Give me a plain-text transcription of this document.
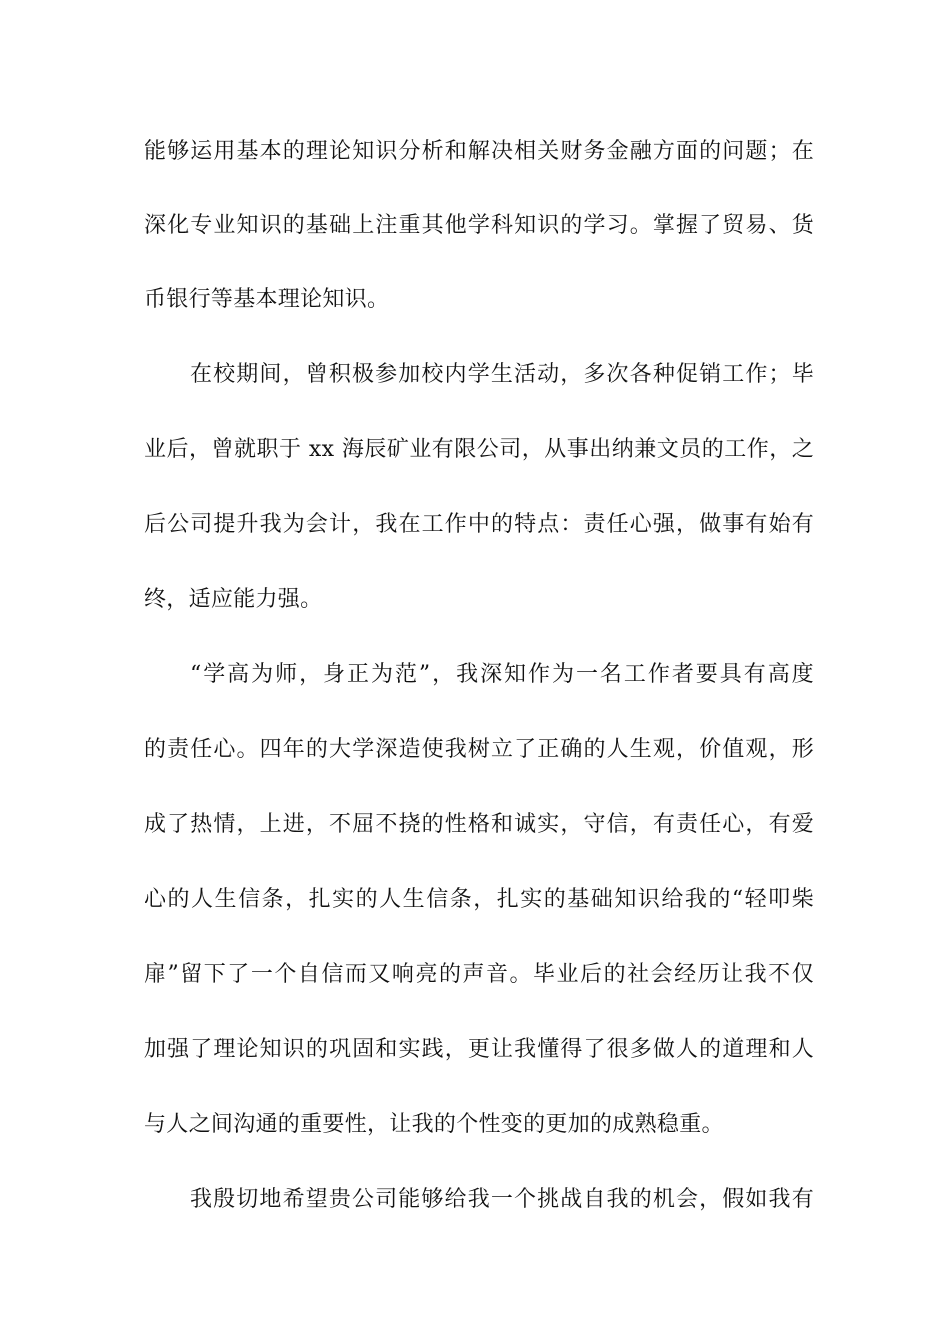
能够运用基本的理论知识分析和解决相关财务金融方面的问题；在
深化专业知识的基础上注重其他学科知识的学习。掌握了贸易、货
币银行等基本理论知识。
在校期间，曾积极参加校内学生活动，多次各种促销工作；毕
业后，曾就职于 xx 海辰矿业有限公司，从事出纳兼文员的工作，之
后公司提升我为会计，我在工作中的特点：责任心强，做事有始有
终，适应能力强。
“学高为师，身正为范”，我深知作为一名工作者要具有高度
的责任心。四年的大学深造使我树立了正确的人生观，价值观，形
成了热情，上进，不屈不挠的性格和诚实，守信，有责任心，有爱
心的人生信条，扎实的人生信条，扎实的基础知识给我的“轻叩柴
扉”留下了一个自信而又响亮的声音。毕业后的社会经历让我不仅
加强了理论知识的巩固和实践，更让我懂得了很多做人的道理和人
与人之间沟通的重要性，让我的个性变的更加的成熟稳重。
我殷切地希望贵公司能够给我一个挑战自我的机会，假如我有
